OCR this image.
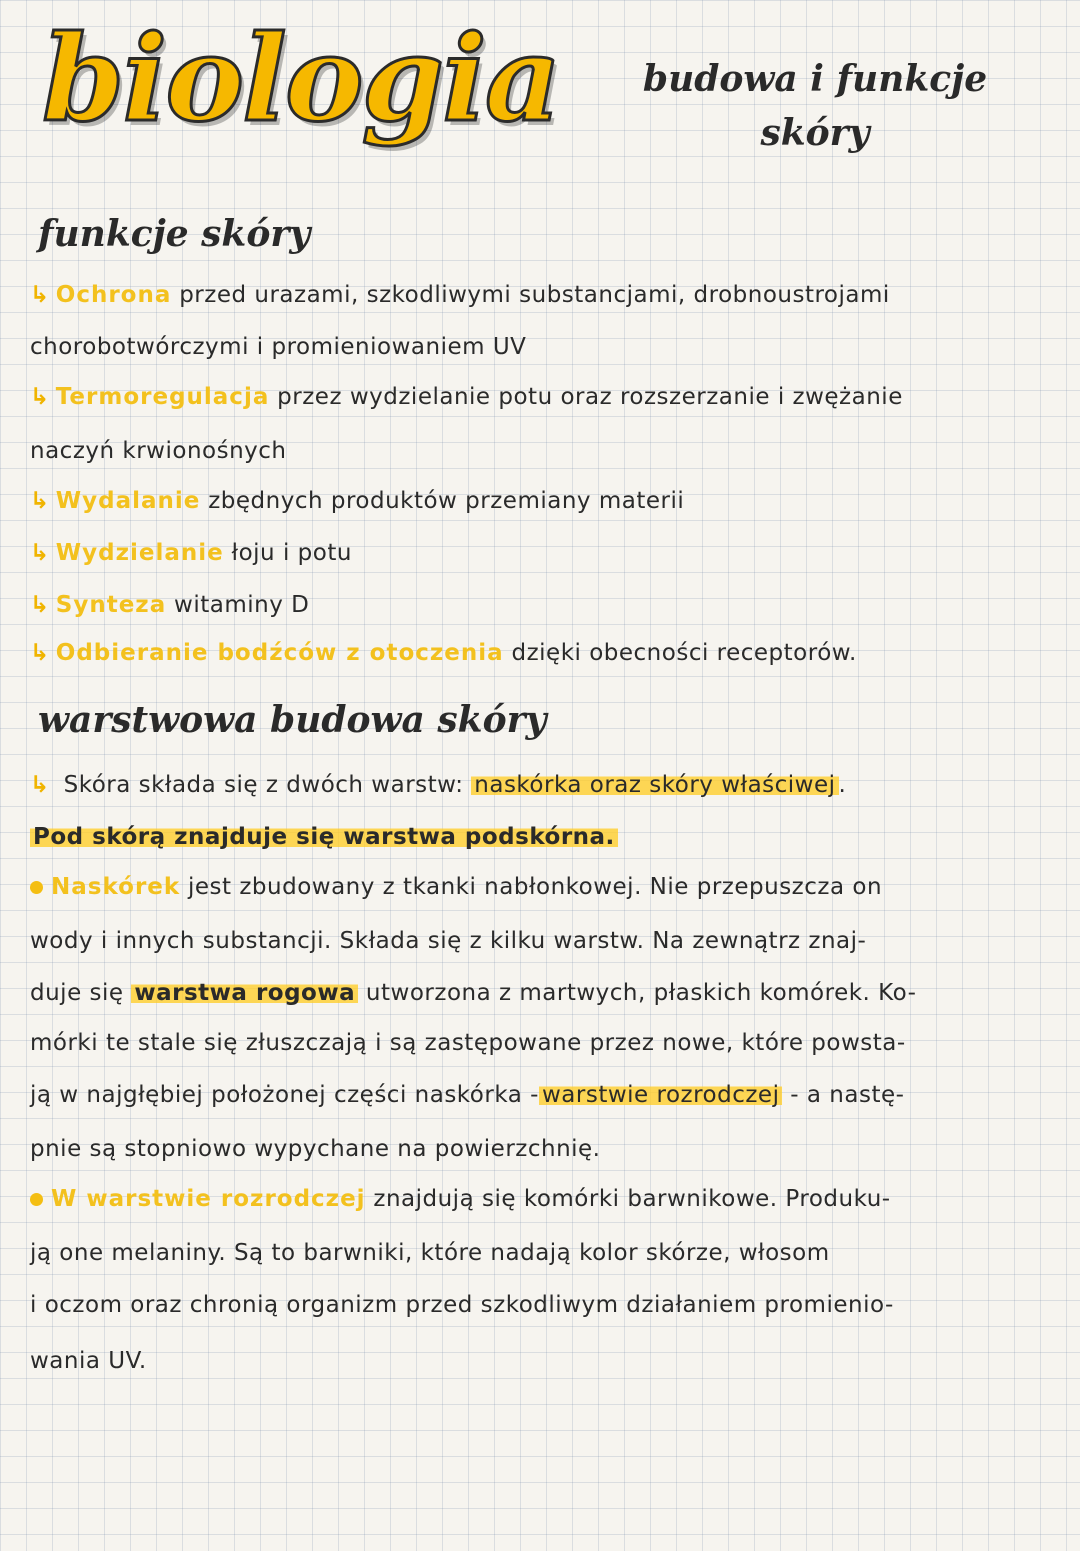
biologia	budowa i funkcje skóry
funkcje skóry
↳ Ochrona przed urazami, szkodliwymi substancjami, drobnoustrojami
chorobotwórczymi i promieniowaniem UV
↳ Termoregulacja przez wydzielanie potu oraz rozszerzanie i zwężanie
naczyń krwionośnych
↳ Wydalanie zbędnych produktów przemiany materii
↳ Wydzielanie łoju i potu
↳ Synteza witaminy D
↳ Odbieranie bodźców z otoczenia dzięki obecności receptorów.
warstwowa budowa skóry
↳ Skóra składa się z dwóch warstw: naskórka oraz skóry właściwej .
Pod skórą znajduje się warstwa podskórna.
Naskórek jest zbudowany z tkanki nabłonkowej. Nie przepuszcza on
wody i innych substancji. Składa się z kilku warstw. Na zewnątrz znaj-
duje się warstwa rogowa utworzona z martwych, płaskich komórek. Ko-
mórki te stale się złuszczają i są zastępowane przez nowe, które powsta-
ją w najgłębiej położonej części naskórka - warstwie rozrodczej - a nastę-
pnie są stopniowo wypychane na powierzchnię.
W warstwie rozrodczej znajdują się komórki barwnikowe. Produku-
ją one melaniny. Są to barwniki, które nadają kolor skórze, włosom
i oczom oraz chronią organizm przed szkodliwym działaniem promienio-
wania UV.
